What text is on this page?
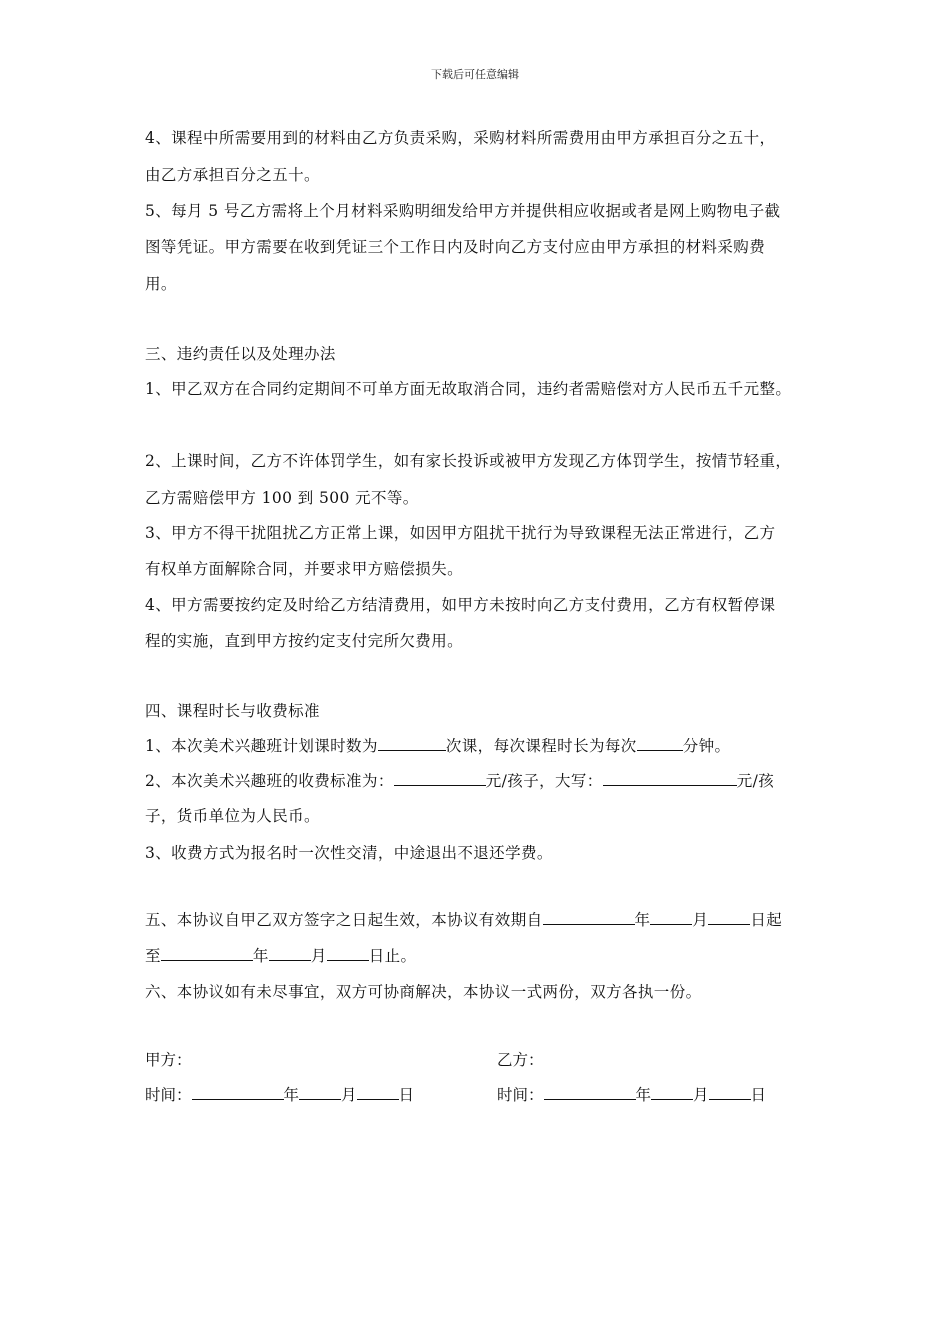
下载后可任意编辑
4、课程中所需要用到的材料由乙方负责采购，采购材料所需费用由甲方承担百分之五十，
由乙方承担百分之五十。
5、每月 5 号乙方需将上个月材料采购明细发给甲方并提供相应收据或者是网上购物电子截
图等凭证。甲方需要在收到凭证三个工作日内及时向乙方支付应由甲方承担的材料采购费
用。
三、违约责任以及处理办法
1、甲乙双方在合同约定期间不可单方面无故取消合同，违约者需赔偿对方人民币五千元整。
2、上课时间，乙方不许体罚学生，如有家长投诉或被甲方发现乙方体罚学生，按情节轻重，
乙方需赔偿甲方 100 到 500 元不等。
3、甲方不得干扰阻扰乙方正常上课，如因甲方阻扰干扰行为导致课程无法正常进行，乙方
有权单方面解除合同，并要求甲方赔偿损失。
4、甲方需要按约定及时给乙方结清费用，如甲方未按时向乙方支付费用，乙方有权暂停课
程的实施，直到甲方按约定支付完所欠费用。
四、课程时长与收费标准
1、本次美术兴趣班计划课时数为	次课，每次课程时长为每次	分钟。
2、本次美术兴趣班的收费标准为：	元/孩子，大写：	元/孩
子，货币单位为人民币。
3、收费方式为报名时一次性交清，中途退出不退还学费。
五、本协议自甲乙双方签字之日起生效，本协议有效期自	年	月	日起
至	年	月	日止。
六、本协议如有未尽事宜，双方可协商解决，本协议一式两份，双方各执一份。
甲方：	乙方：
时间：	年	月	日	时间：	年	月	日
